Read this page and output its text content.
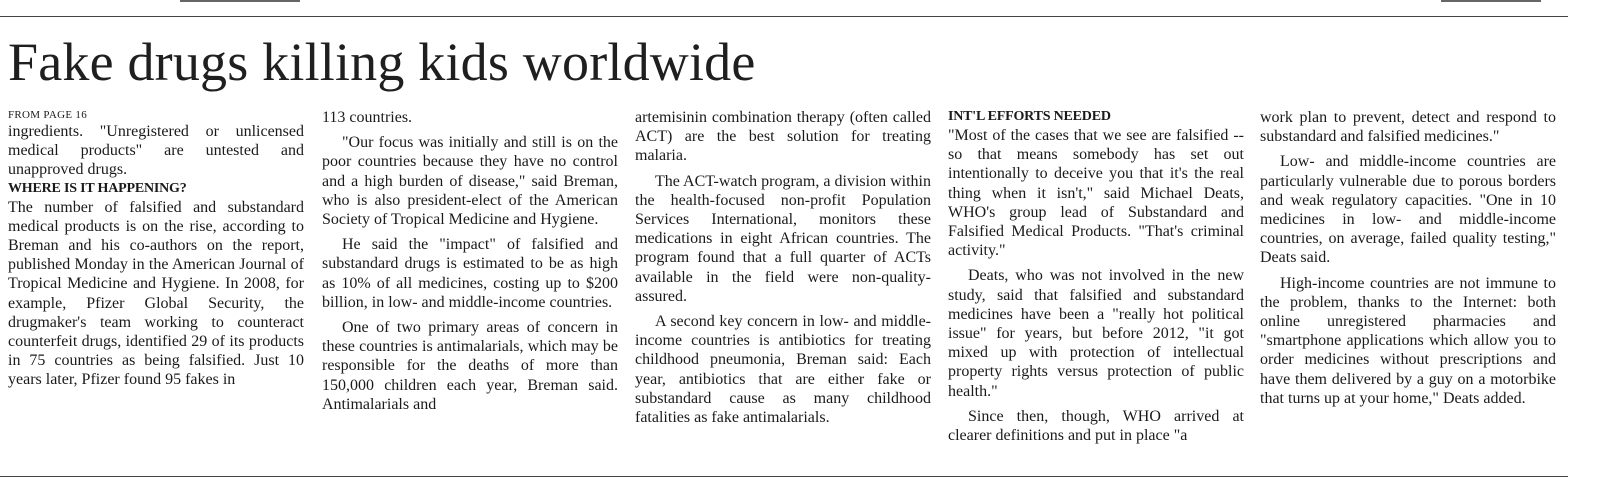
Fake drugs killing kids worldwide

FROM PAGE 16

ingredients. "Unregistered or unlicensed medical products" are untested and unapproved drugs.

WHERE IS IT HAPPENING?

The number of falsified and substandard medical products is on the rise, according to Breman and his co-authors on the report, published Monday in the American Journal of Tropical Medicine and Hygiene. In 2008, for example, Pfizer Global Security, the drugmaker's team working to counteract counterfeit drugs, identified 29 of its products in 75 countries as being falsified. Just 10 years later, Pfizer found 95 fakes in

113 countries.

"Our focus was initially and still is on the poor countries because they have no control and a high burden of disease," said Breman, who is also president-elect of the American Society of Tropical Medicine and Hygiene.

He said the "impact" of falsified and substandard drugs is estimated to be as high as 10% of all medicines, costing up to $200 billion, in low- and middle-income countries.

One of two primary areas of concern in these countries is antimalarials, which may be responsible for the deaths of more than 150,000 children each year, Breman said. Antimalarials and

artemisinin combination therapy (often called ACT) are the best solution for treating malaria.

The ACT-watch program, a division within the health-focused non-profit Population Services International, monitors these medications in eight African countries. The program found that a full quarter of ACTs available in the field were non-quality-assured.

A second key concern in low- and middle-income countries is antibiotics for treating childhood pneumonia, Breman said: Each year, antibiotics that are either fake or substandard cause as many childhood fatalities as fake antimalarials.

INT'L EFFORTS NEEDED

"Most of the cases that we see are falsified -- so that means somebody has set out intentionally to deceive you that it's the real thing when it isn't," said Michael Deats, WHO's group lead of Substandard and Falsified Medical Products. "That's criminal activity."

Deats, who was not involved in the new study, said that falsified and substandard medicines have been a "really hot political issue" for years, but before 2012, "it got mixed up with protection of intellectual property rights versus protection of public health."

Since then, though, WHO arrived at clearer definitions and put in place "a

work plan to prevent, detect and respond to substandard and falsified medicines."

Low- and middle-income countries are particularly vulnerable due to porous borders and weak regulatory capacities. "One in 10 medicines in low- and middle-income countries, on average, failed quality testing," Deats said.

High-income countries are not immune to the problem, thanks to the Internet: both online unregistered pharmacies and "smartphone applications which allow you to order medicines without prescriptions and have them delivered by a guy on a motorbike that turns up at your home," Deats added.
